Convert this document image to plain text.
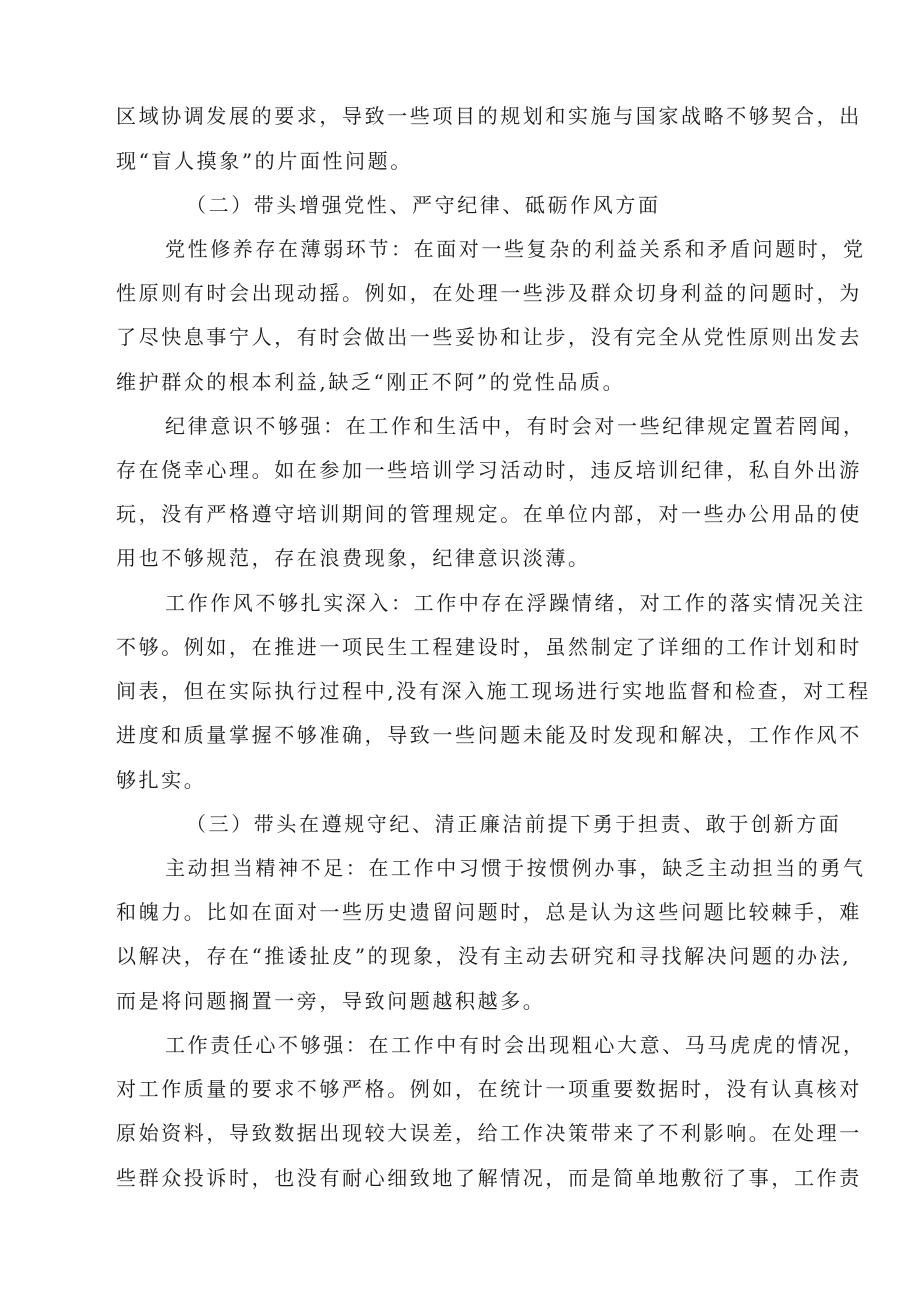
区域协调发展的要求，导致一些项目的规划和实施与国家战略不够契合，出
现“盲人摸象”的片面性问题。
（二）带头增强党性、严守纪律、砥砺作风方面
党性修养存在薄弱环节：在面对一些复杂的利益关系和矛盾问题时，党
性原则有时会出现动摇。例如，在处理一些涉及群众切身利益的问题时，为
了尽快息事宁人，有时会做出一些妥协和让步，没有完全从党性原则出发去
维护群众的根本利益,缺乏“刚正不阿”的党性品质。
纪律意识不够强：在工作和生活中，有时会对一些纪律规定置若罔闻，
存在侥幸心理。如在参加一些培训学习活动时，违反培训纪律，私自外出游
玩，没有严格遵守培训期间的管理规定。在单位内部，对一些办公用品的使
用也不够规范，存在浪费现象，纪律意识淡薄。
工作作风不够扎实深入：工作中存在浮躁情绪，对工作的落实情况关注
不够。例如，在推进一项民生工程建设时，虽然制定了详细的工作计划和时
间表，但在实际执行过程中,没有深入施工现场进行实地监督和检查，对工程
进度和质量掌握不够准确，导致一些问题未能及时发现和解决，工作作风不
够扎实。
（三）带头在遵规守纪、清正廉洁前提下勇于担责、敢于创新方面
主动担当精神不足：在工作中习惯于按惯例办事，缺乏主动担当的勇气
和魄力。比如在面对一些历史遗留问题时，总是认为这些问题比较棘手，难
以解决，存在“推诿扯皮”的现象，没有主动去研究和寻找解决问题的办法,
而是将问题搁置一旁，导致问题越积越多。
工作责任心不够强：在工作中有时会出现粗心大意、马马虎虎的情况，
对工作质量的要求不够严格。例如，在统计一项重要数据时，没有认真核对
原始资料，导致数据出现较大误差，给工作决策带来了不利影响。在处理一
些群众投诉时，也没有耐心细致地了解情况，而是简单地敷衍了事，工作责
